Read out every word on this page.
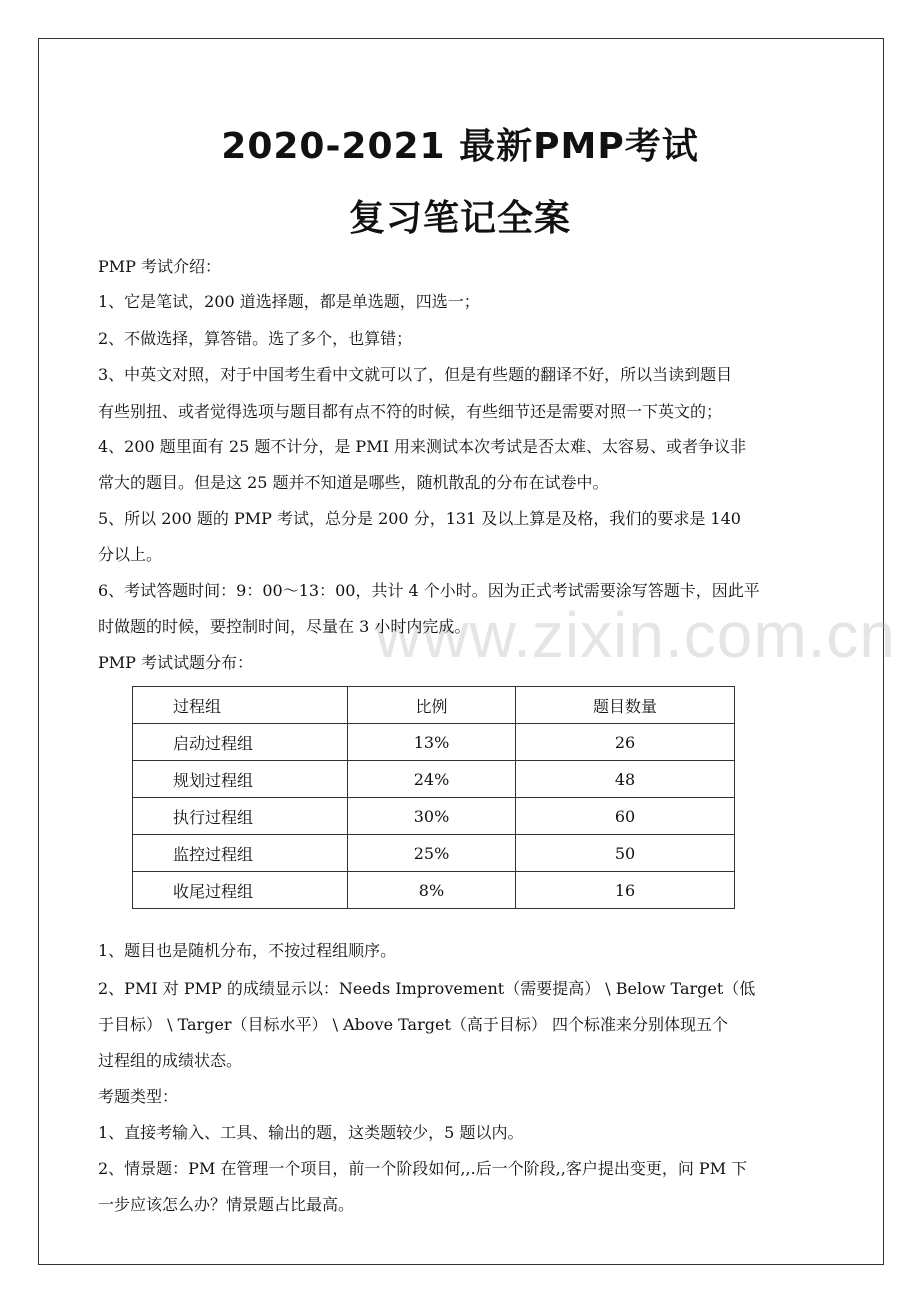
www.zixin.com.cn
2020-2021 最新PMP考试
复习笔记全案
PMP 考试介绍：
1、它是笔试，200 道选择题，都是单选题，四选一；
2、不做选择，算答错。选了多个，也算错；
3、中英文对照，对于中国考生看中文就可以了，但是有些题的翻译不好，所以当读到题目
有些别扭、或者觉得选项与题目都有点不符的时候，有些细节还是需要对照一下英文的；
4、200 题里面有 25 题不计分，是 PMI 用来测试本次考试是否太难、太容易、或者争议非
常大的题目。但是这 25 题并不知道是哪些，随机散乱的分布在试卷中。
5、所以 200 题的 PMP 考试，总分是 200 分，131 及以上算是及格，我们的要求是 140
分以上。
6、考试答题时间：9：00～13：00，共计 4 个小时。因为正式考试需要涂写答题卡，因此平
时做题的时候，要控制时间，尽量在 3 小时内完成。
PMP 考试试题分布：
过程组	比例	题目数量
启动过程组	13%	26
规划过程组	24%	48
执行过程组	30%	60
监控过程组	25%	50
收尾过程组	8%	16
1、题目也是随机分布，不按过程组顺序。
2、PMI 对 PMP 的成绩显示以：Needs Improvement（需要提高） \ Below Target（低
于目标） \ Targer（目标水平） \ Above Target（高于目标） 四个标准来分别体现五个
过程组的成绩状态。
考题类型：
1、直接考输入、工具、输出的题，这类题较少，5 题以内。
2、情景题：PM 在管理一个项目，前一个阶段如何,,.后一个阶段,,客户提出变更，问 PM 下
一步应该怎么办？情景题占比最高。
